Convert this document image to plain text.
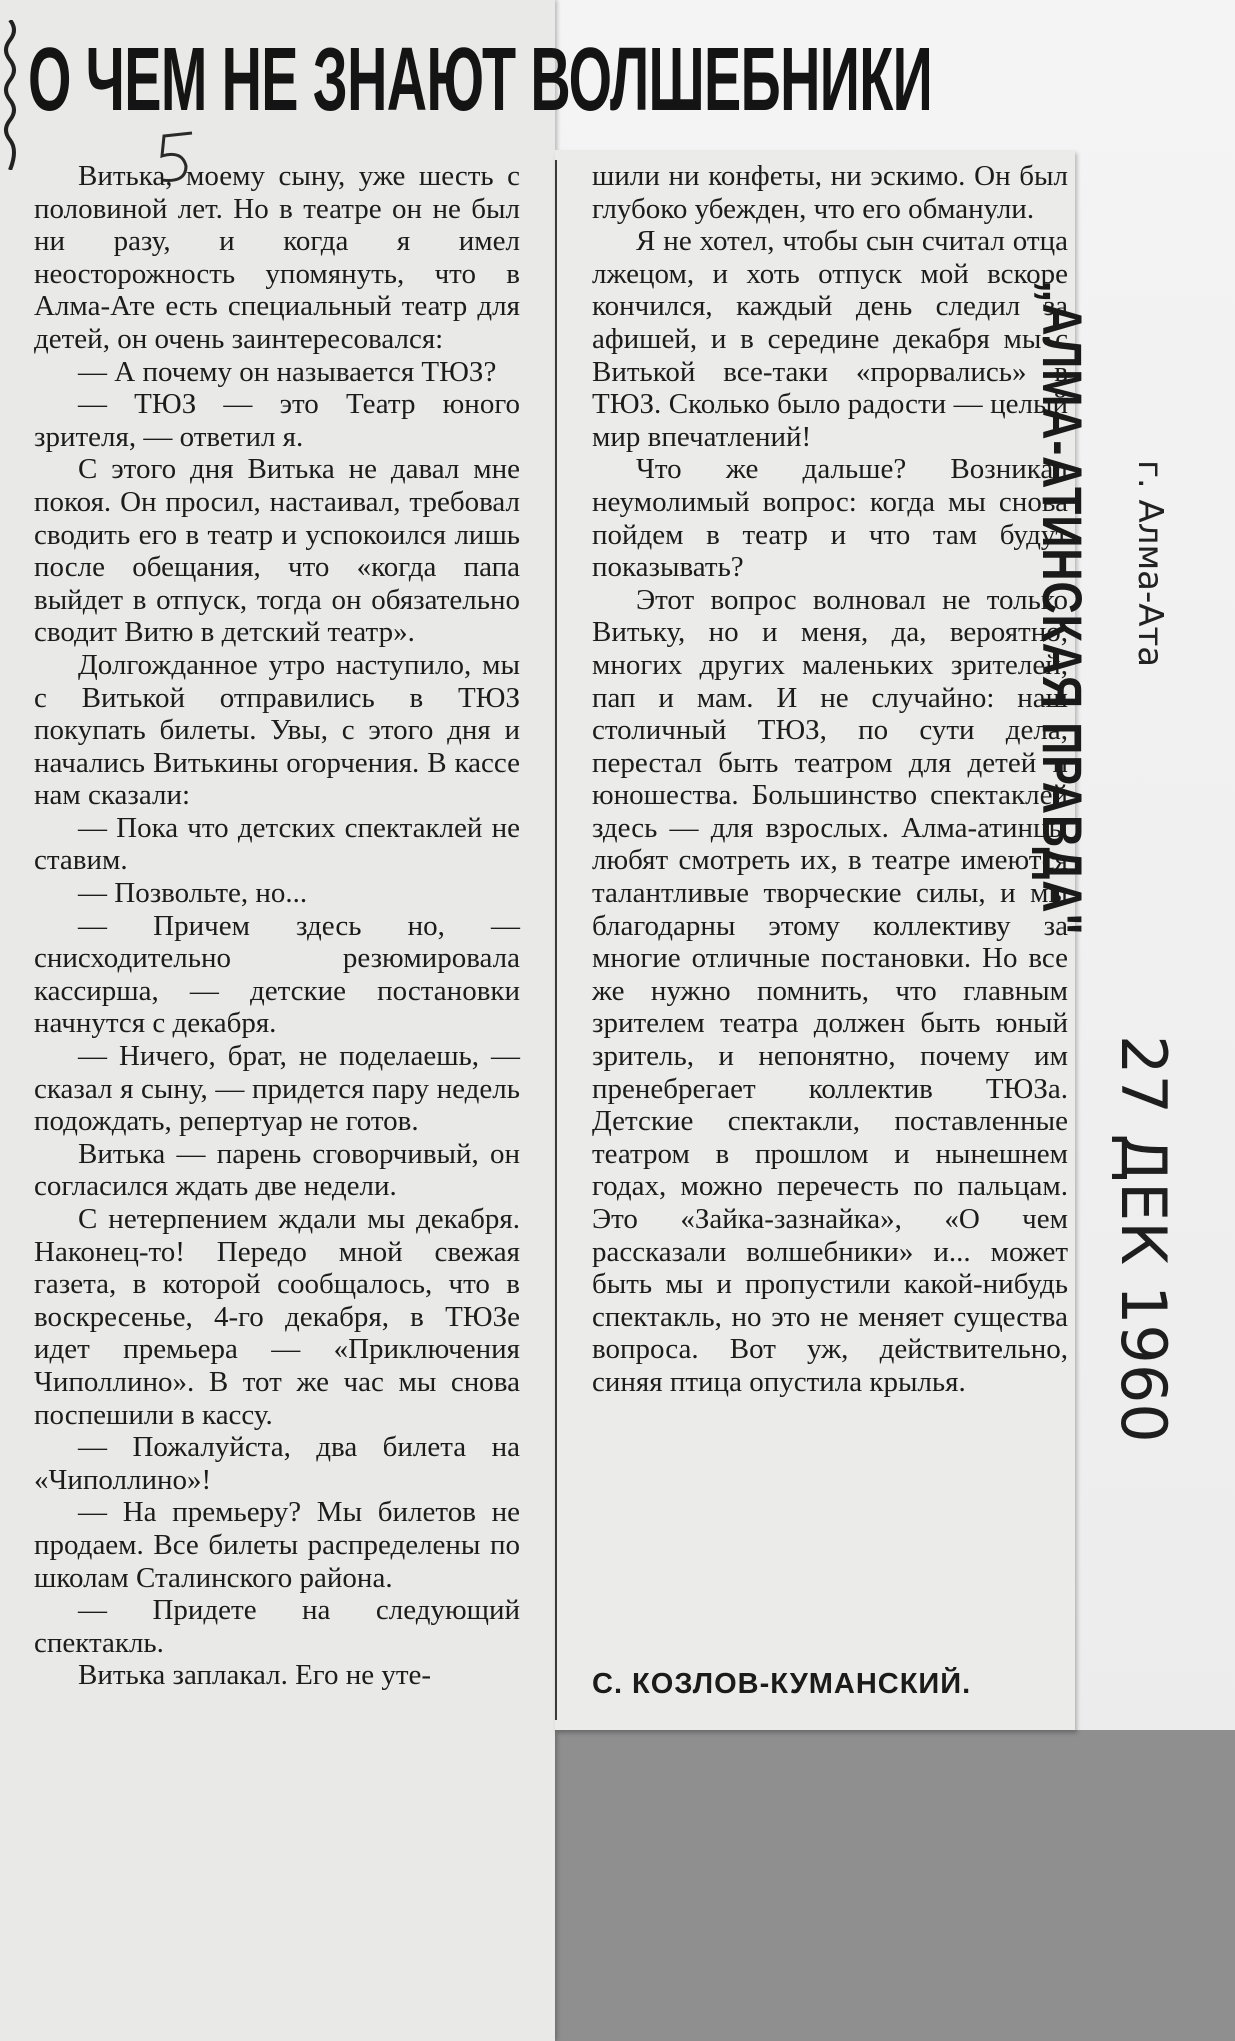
О ЧЕМ НЕ ЗНАЮТ ВОЛШЕБНИКИ

Витька, моему сыну, уже шесть с половиной лет. Но в театре он не был ни разу, и когда я имел неосторожность упомянуть, что в Алма-Ате есть специальный театр для детей, он очень заинтересовался:

— А почему он называется ТЮЗ?

— ТЮЗ — это Театр юного зрителя, — ответил я.

С этого дня Витька не давал мне покоя. Он просил, настаивал, требовал сводить его в театр и успокоился лишь после обещания, что «когда папа выйдет в отпуск, тогда он обязательно сводит Витю в детский театр».

Долгожданное утро наступило, мы с Витькой отправились в ТЮЗ покупать билеты. Увы, с этого дня и начались Витькины огорчения. В кассе нам сказали:

— Пока что детских спектаклей не ставим.

— Позвольте, но...

— Причем здесь но, — снисходительно резюмировала кассирша, — детские постановки начнутся с декабря.

— Ничего, брат, не поделаешь, — сказал я сыну, — придется пару недель подождать, репертуар не готов.

Витька — парень сговорчивый, он согласился ждать две недели.

С нетерпением ждали мы декабря. Наконец-то! Передо мной свежая газета, в которой сообщалось, что в воскресенье, 4-го декабря, в ТЮЗе идет премьера — «Приключения Чиполлино». В тот же час мы снова поспешили в кассу.

— Пожалуйста, два билета на «Чиполлино»!

— На премьеру? Мы билетов не продаем. Все билеты распределены по школам Сталинского района.

— Придете на следующий спектакль.

Витька заплакал. Его не уте-

шили ни конфеты, ни эскимо. Он был глубоко убежден, что его обманули.

Я не хотел, чтобы сын считал отца лжецом, и хоть отпуск мой вскоре кончился, каждый день следил за афишей, и в середине декабря мы с Витькой все-таки «прорвались» в ТЮЗ. Сколько было радости — целый мир впечатлений!

Что же дальше? Возникал неумолимый вопрос: когда мы снова пойдем в театр и что там будут показывать?

Этот вопрос волновал не только Витьку, но и меня, да, вероятно, многих других маленьких зрителей, пап и мам. И не случайно: наш столичный ТЮЗ, по сути дела, перестал быть театром для детей и юношества. Большинство спектаклей здесь — для взрослых. Алма-атинцы любят смотреть их, в театре имеются талантливые творческие силы, и мы благодарны этому коллективу за многие отличные постановки. Но все же нужно помнить, что главным зрителем театра должен быть юный зритель, и непонятно, почему им пренебрегает коллектив ТЮЗа. Детские спектакли, поставленные театром в прошлом и нынешнем годах, можно перечесть по пальцам. Это «Зайка-зазнайка», «О чем рассказали волшебники» и... может быть мы и пропустили какой-нибудь спектакль, но это не меняет существа вопроса. Вот уж, действительно, синяя птица опустила крылья.

С. КОЗЛОВ-КУМАНСКИЙ.
„АЛМА-АТИНСКАЯ ПРАВДА" г. Алма-Ата
27 ДЕК 1960
